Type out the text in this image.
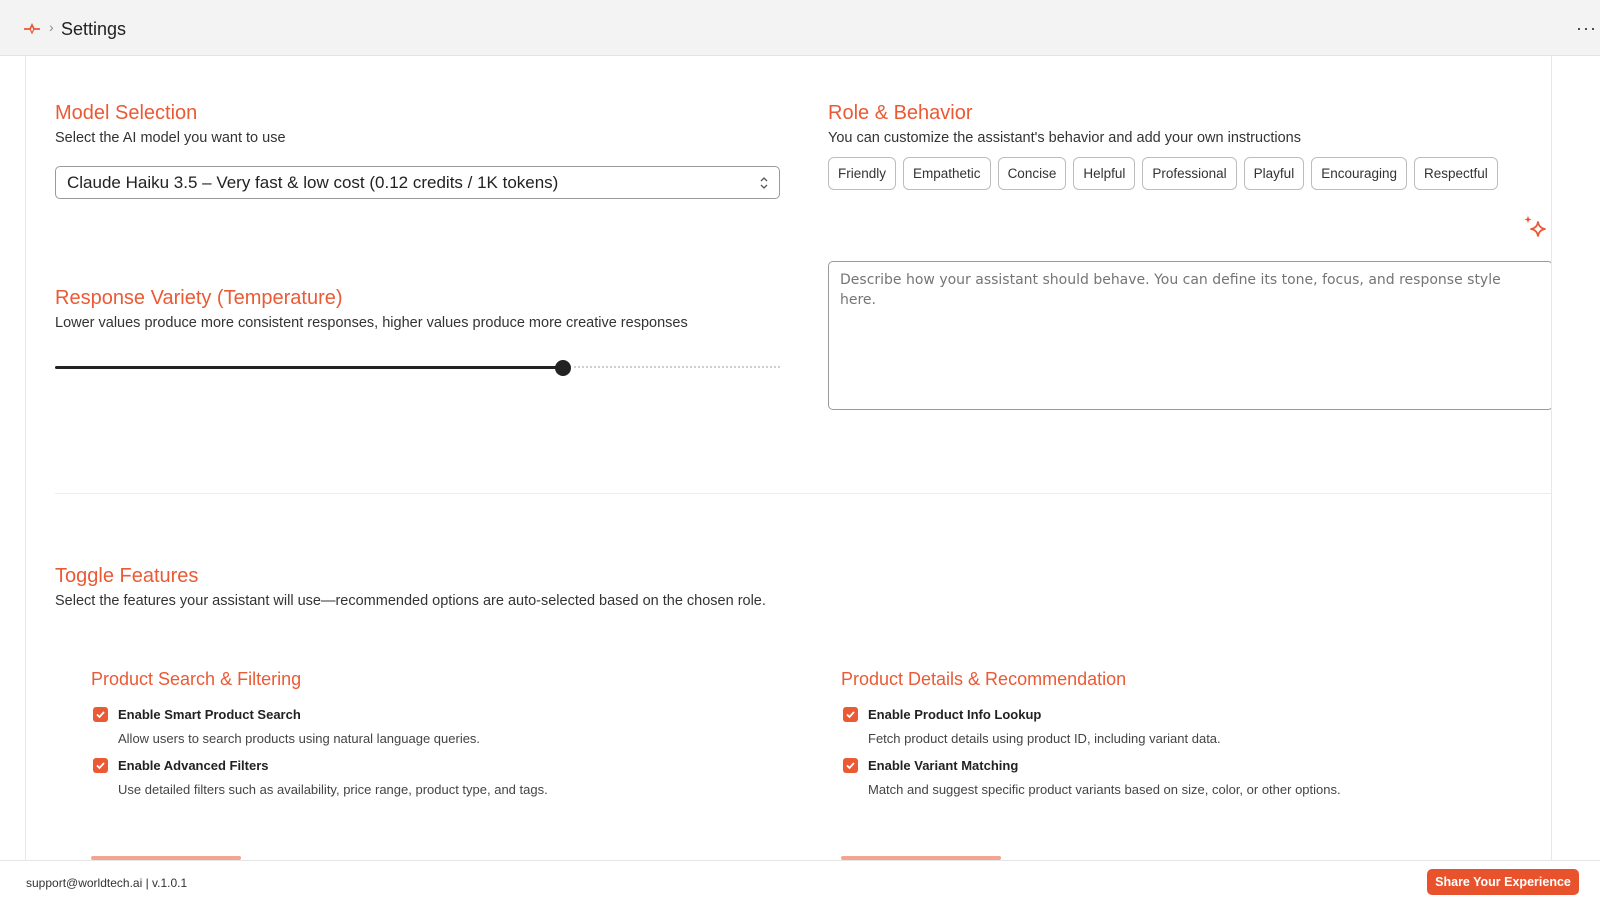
› Settings	···
Model Selection
Select the AI model you want to use
Claude Haiku 3.5 – Very fast & low cost (0.12 credits / 1K tokens)
Response Variety (Temperature)
Lower values produce more consistent responses, higher values produce more creative responses
Role & Behavior
You can customize the assistant's behavior and add your own instructions
Friendly	Empathetic	Concise	Helpful	Professional	Playful	Encouraging	Respectful
Describe how your assistant should behave. You can define its tone, focus, and response style here.
Toggle Features
Select the features your assistant will use—recommended options are auto-selected based on the chosen role.
Product Search & Filtering
Enable Smart Product Search
Allow users to search products using natural language queries.
Enable Advanced Filters
Use detailed filters such as availability, price range, product type, and tags.
Product Details & Recommendation
Enable Product Info Lookup
Fetch product details using product ID, including variant data.
Enable Variant Matching
Match and suggest specific product variants based on size, color, or other options.
support@worldtech.ai | v.1.0.1	Share Your Experience
